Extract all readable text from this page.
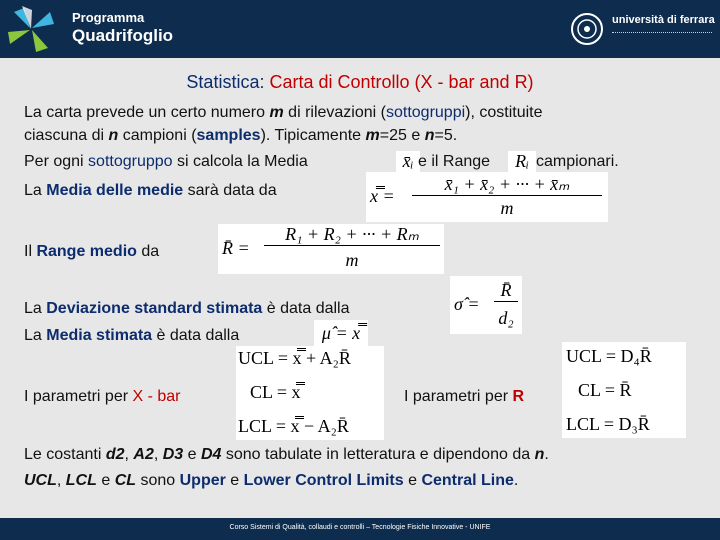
Programma
Quadrifoglio
università di ferrara
Statistica: Carta di Controllo (X - bar and R)
La carta prevede un certo numero m di rilevazioni (sottogruppi), costituite
ciascuna di n campioni (samples). Tipicamente m=25 e n=5.
Per ogni sottogruppo si calcola la Media	x̄ᵢ e il Range	Rᵢ campionari.
La Media delle medie sarà data da	x̿ =
x̄₁ + x̄₂ + ··· + x̄ₘ
m
Il Range medio da	R̄ =
R₁ + R₂ + ··· + Rₘ
m
La Deviazione standard stimata è data dalla	σ̂ =
R̄
d₂
La Media stimata è data dalla	μ̂ = x̿
I parametri per X - bar
UCL = x̿ + A₂R̄
CL = x̿
LCL = x̿ − A₂R̄
I parametri per R
UCL = D₄R̄
CL = R̄
LCL = D₃R̄
Le costanti d2, A2, D3 e D4 sono tabulate in letteratura e dipendono da n.
UCL, LCL e CL sono Upper e Lower Control Limits e Central Line.
Corso Sistemi di Qualità, collaudi e controlli – Tecnologie Fisiche Innovative - UNIFE
